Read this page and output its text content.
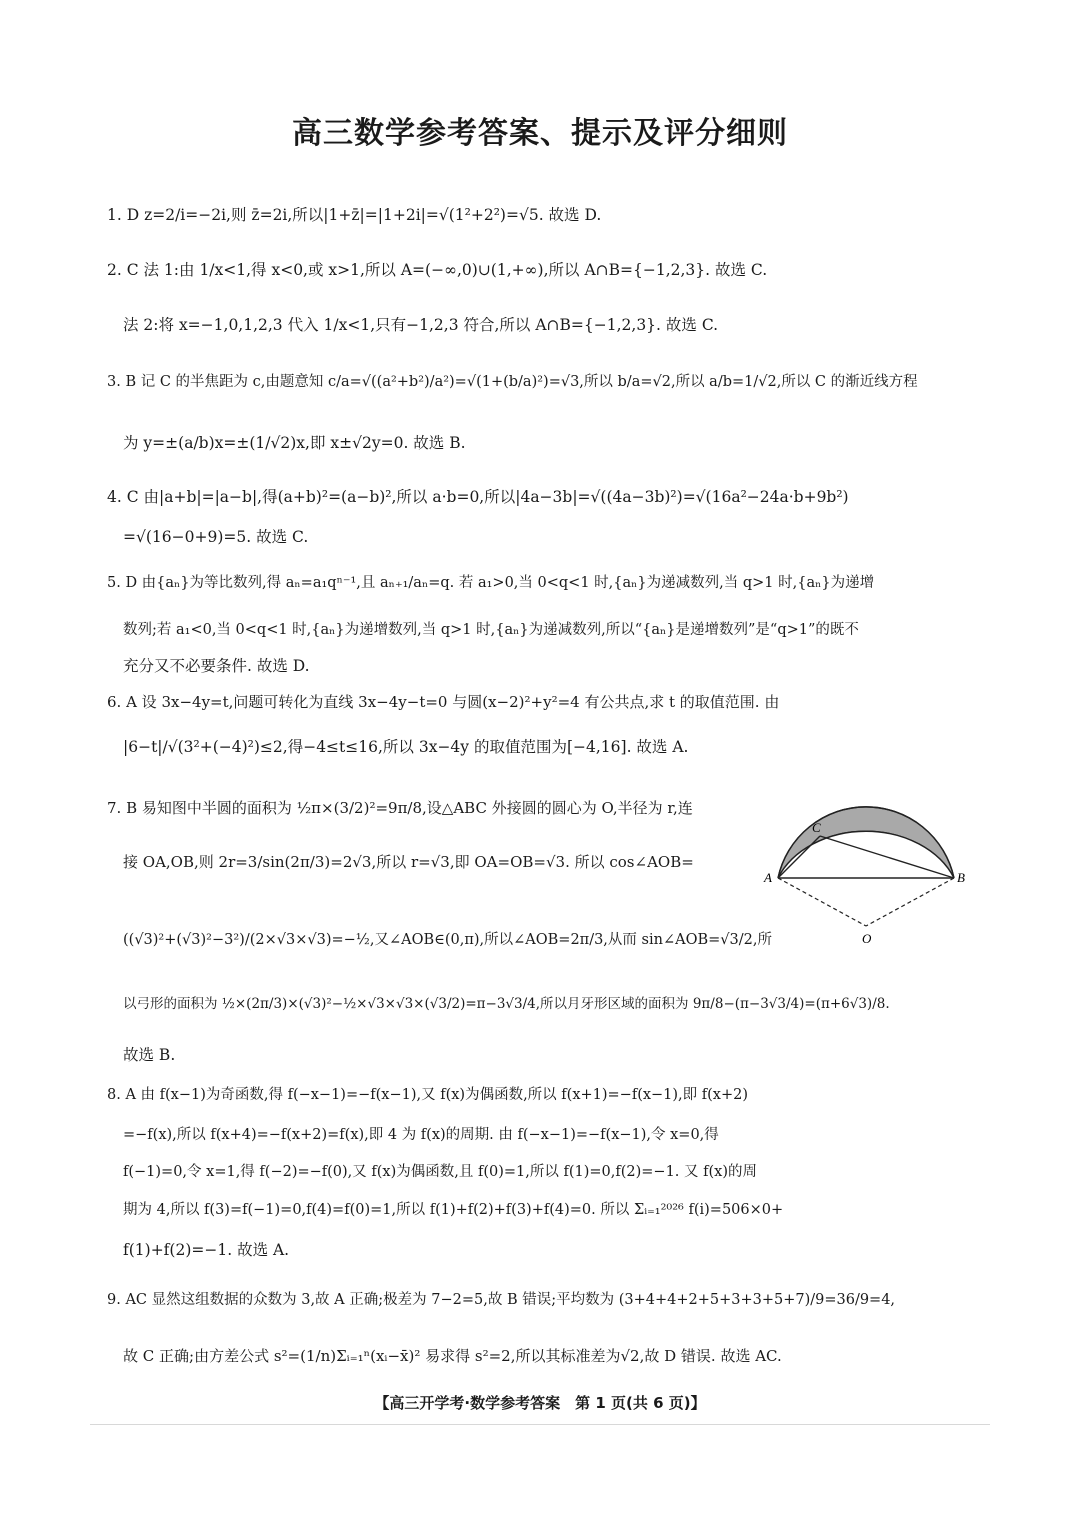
高三数学参考答案、提示及评分细则
1. D z=2/i=−2i,则 z̄=2i,所以|1+z̄|=|1+2i|=√(1²+2²)=√5. 故选 D.
2. C 法 1:由 1/x<1,得 x<0,或 x>1,所以 A=(−∞,0)∪(1,+∞),所以 A∩B={−1,2,3}. 故选 C.
法 2:将 x=−1,0,1,2,3 代入 1/x<1,只有−1,2,3 符合,所以 A∩B={−1,2,3}. 故选 C.
3. B 记 C 的半焦距为 c,由题意知 c/a=√((a²+b²)/a²)=√(1+(b/a)²)=√3,所以 b/a=√2,所以 a/b=1/√2,所以 C 的渐近线方程
为 y=±(a/b)x=±(1/√2)x,即 x±√2y=0. 故选 B.
4. C 由|a+b|=|a−b|,得(a+b)²=(a−b)²,所以 a·b=0,所以|4a−3b|=√((4a−3b)²)=√(16a²−24a·b+9b²)
=√(16−0+9)=5. 故选 C.
5. D 由{aₙ}为等比数列,得 aₙ=a₁qⁿ⁻¹,且 aₙ₊₁/aₙ=q. 若 a₁>0,当 0<q<1 时,{aₙ}为递减数列,当 q>1 时,{aₙ}为递增
数列;若 a₁<0,当 0<q<1 时,{aₙ}为递增数列,当 q>1 时,{aₙ}为递减数列,所以“{aₙ}是递增数列”是“q>1”的既不
充分又不必要条件. 故选 D.
6. A 设 3x−4y=t,问题可转化为直线 3x−4y−t=0 与圆(x−2)²+y²=4 有公共点,求 t 的取值范围. 由
|6−t|/√(3²+(−4)²)≤2,得−4≤t≤16,所以 3x−4y 的取值范围为[−4,16]. 故选 A.
7. B 易知图中半圆的面积为 ½π×(3/2)²=9π/8,设△ABC 外接圆的圆心为 O,半径为 r,连
接 OA,OB,则 2r=3/sin(2π/3)=2√3,所以 r=√3,即 OA=OB=√3. 所以 cos∠AOB=
((√3)²+(√3)²−3²)/(2×√3×√3)=−½,又∠AOB∈(0,π),所以∠AOB=2π/3,从而 sin∠AOB=√3/2,所
以弓形的面积为 ½×(2π/3)×(√3)²−½×√3×√3×(√3/2)=π−3√3/4,所以月牙形区域的面积为 9π/8−(π−3√3/4)=(π+6√3)/8.
故选 B.
8. A 由 f(x−1)为奇函数,得 f(−x−1)=−f(x−1),又 f(x)为偶函数,所以 f(x+1)=−f(x−1),即 f(x+2)
=−f(x),所以 f(x+4)=−f(x+2)=f(x),即 4 为 f(x)的周期. 由 f(−x−1)=−f(x−1),令 x=0,得
f(−1)=0,令 x=1,得 f(−2)=−f(0),又 f(x)为偶函数,且 f(0)=1,所以 f(1)=0,f(2)=−1. 又 f(x)的周
期为 4,所以 f(3)=f(−1)=0,f(4)=f(0)=1,所以 f(1)+f(2)+f(3)+f(4)=0. 所以 Σᵢ₌₁²⁰²⁶ f(i)=506×0+
f(1)+f(2)=−1. 故选 A.
9. AC 显然这组数据的众数为 3,故 A 正确;极差为 7−2=5,故 B 错误;平均数为 (3+4+4+2+5+3+3+5+7)/9=36/9=4,
故 C 正确;由方差公式 s²=(1/n)Σᵢ₌₁ⁿ(xᵢ−x̄)² 易求得 s²=2,所以其标准差为√2,故 D 错误. 故选 AC.
A	B
C
O
【高三开学考·数学参考答案　第 1 页(共 6 页)】
